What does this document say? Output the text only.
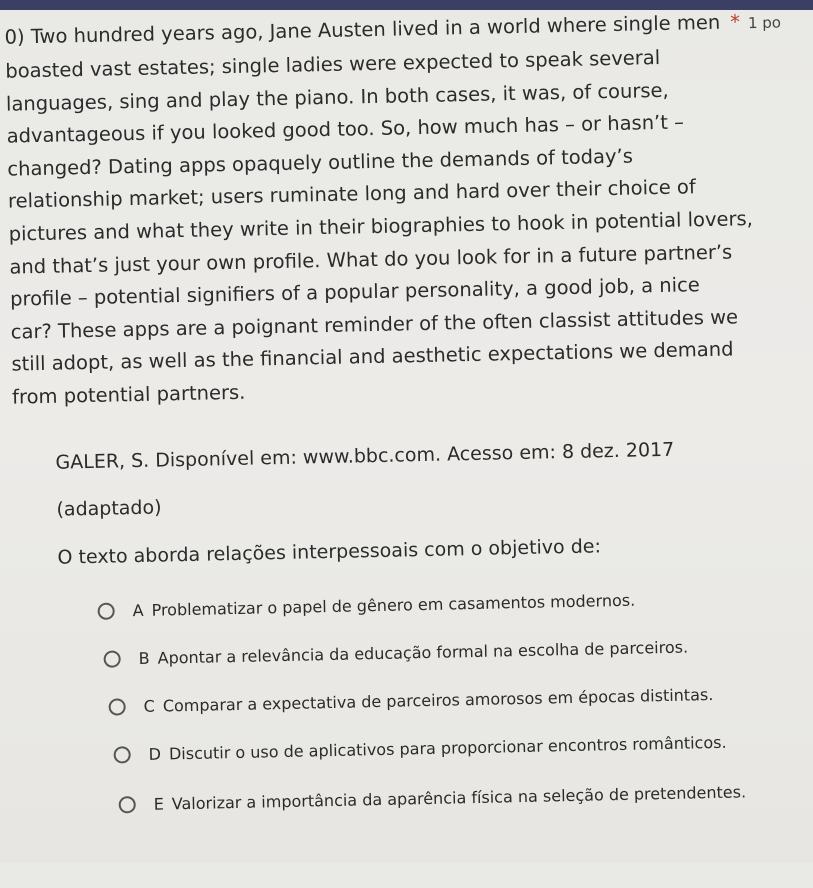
0) Two hundred years ago, Jane Austen lived in a world where single men * 1 po
boasted vast estates; single ladies were expected to speak several
languages, sing and play the piano. In both cases, it was, of course,
advantageous if you looked good too. So, how much has – or hasn’t –
changed? Dating apps opaquely outline the demands of today’s
relationship market; users ruminate long and hard over their choice of
pictures and what they write in their biographies to hook in potential lovers,
and that’s just your own profile. What do you look for in a future partner’s
profile – potential signifiers of a popular personality, a good job, a nice
car? These apps are a poignant reminder of the often classist attitudes we
still adopt, as well as the financial and aesthetic expectations we demand
from potential partners.
GALER, S. Disponível em: www.bbc.com. Acesso em: 8 dez. 2017
(adaptado)
O texto aborda relações interpessoais com o objetivo de:
A Problematizar o papel de gênero em casamentos modernos.
B Apontar a relevância da educação formal na escolha de parceiros.
C Comparar a expectativa de parceiros amorosos em épocas distintas.
D Discutir o uso de aplicativos para proporcionar encontros românticos.
E Valorizar a importância da aparência física na seleção de pretendentes.
